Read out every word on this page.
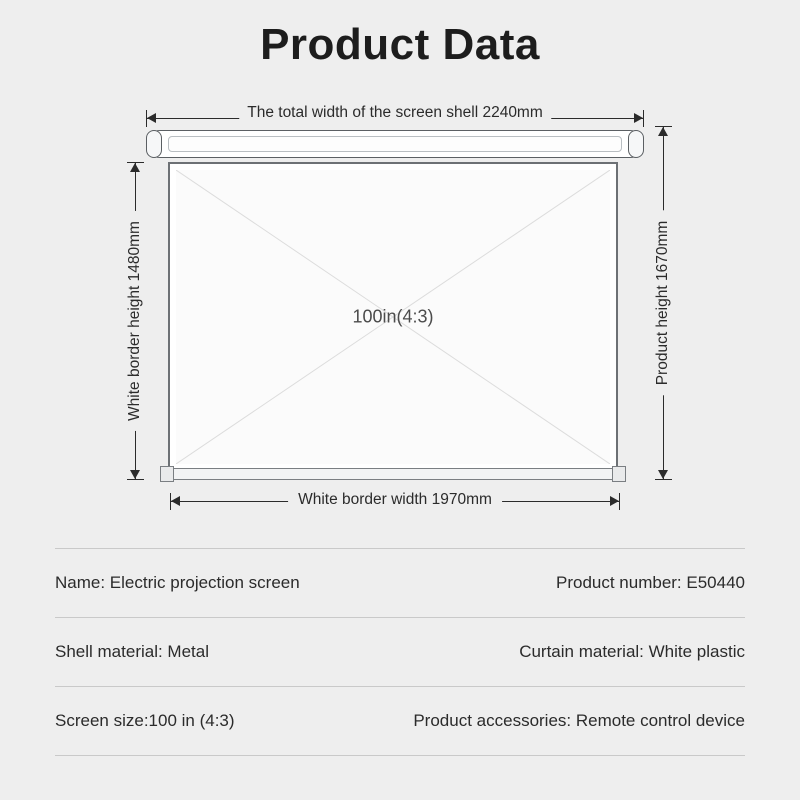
Product Data
The total width of the screen shell 2240mm
100in(4:3)
White border width 1970mm
White border height 1480mm	Product height 1670mm
Name: Electric projection screen	Product number: E50440
Shell material: Metal	Curtain material: White plastic
Screen size:100 in (4:3)	Product accessories: Remote control device
